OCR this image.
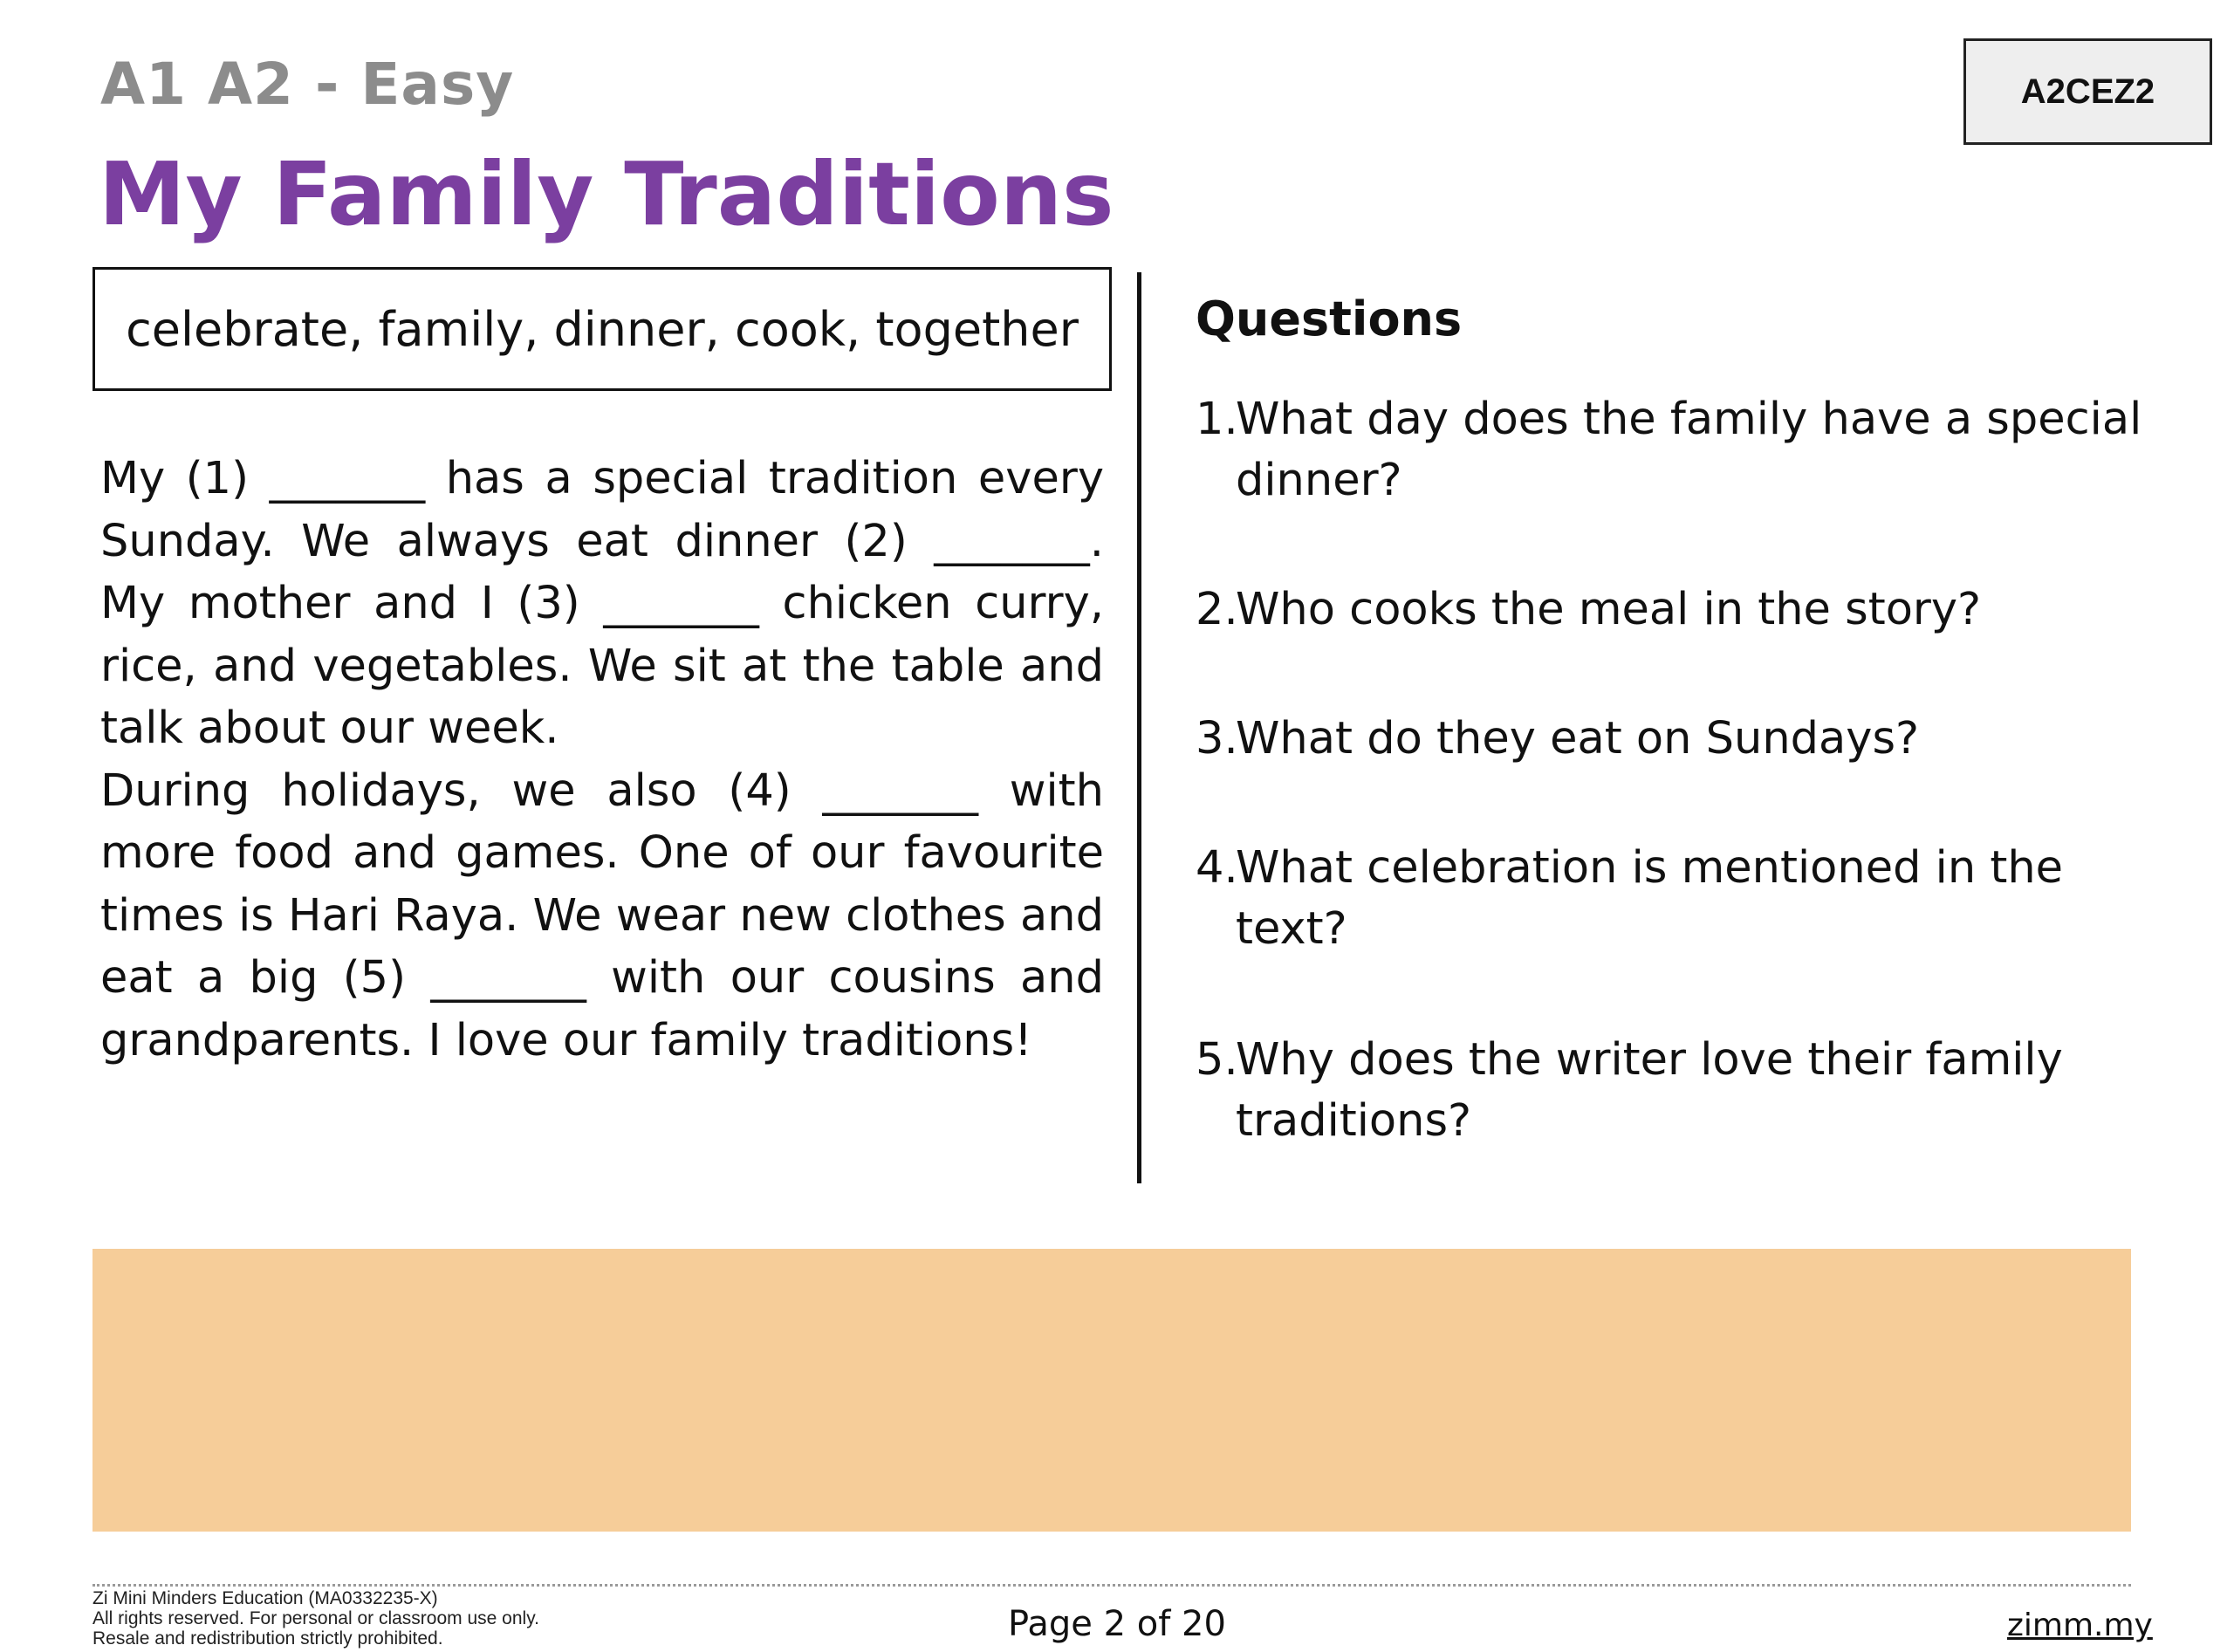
A1 A2 - Easy
My Family Traditions
A2CEZ2
celebrate, family, dinner, cook, together

My (1) _______ has a special tradition every Sunday. We always eat dinner (2) _______. My mother and I (3) _______ chicken curry, rice, and vegetables. We sit at the table and talk about our week.

During holidays, we also (4) _______ with more food and games. One of our favourite times is Hari Raya. We wear new clothes and eat a big (5) _______ with our cousins and grandparents. I love our family traditions!

Questions
1.
What day does the family have a special dinner?
2.
Who cooks the meal in the story?
3.
What do they eat on Sundays?
4.
What celebration is mentioned in the text?
5.
Why does the writer love their family traditions?
Zi Mini Minders Education (MA0332235-X)
All rights reserved. For personal or classroom use only.
Resale and redistribution strictly prohibited.	Page 2 of 20	zimm.my
